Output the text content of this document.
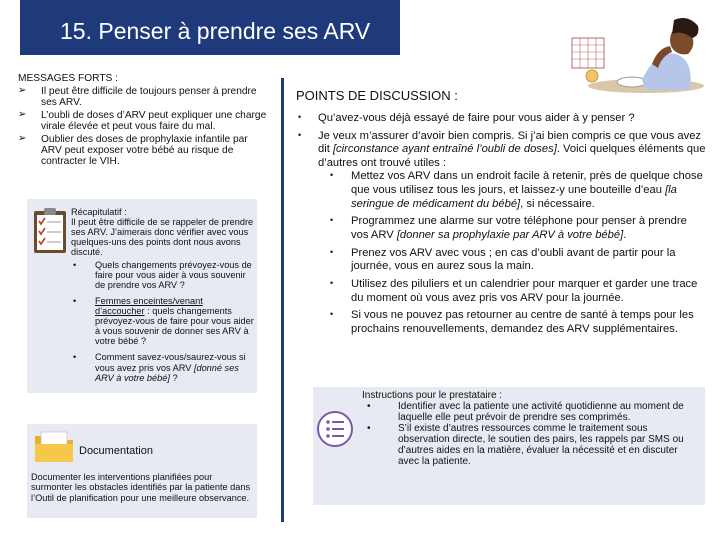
15. Penser à prendre ses ARV

MESSAGES FORTS :

➢ Il peut être difficile de toujours penser à prendre ses ARV.
➢ L’oubli de doses d’ARV peut expliquer une charge virale élevée et peut vous faire du mal.
➢ Oublier des doses de prophylaxie infantile par ARV peut exposer votre bébé au risque de contracter le VIH.

Récapitulatif :

Il peut être difficile de se rappeler de prendre ses ARV. J’aimerais donc vérifier avec vous quelques-uns des points dont nous avons discuté.

• Quels changements prévoyez-vous de faire pour vous aider à vous souvenir de prendre vos ARV ?
• Femmes enceintes/venant d’accoucher : quels changements prévoyez-vous de faire pour vous aider à vous souvenir de donner ses ARV à votre bébé ?
• Comment savez-vous/saurez-vous si vous avez pris vos ARV [donné ses ARV à votre bébé] ?
Documentation

Documenter les interventions planifiées pour surmonter les obstacles identifiés par la patiente dans l’Outil de planification pour une meilleure observance.

POINTS DE DISCUSSION :

• Qu’avez-vous déjà essayé de faire pour vous aider à y penser ?
• Je veux m’assurer d’avoir bien compris. Si j’ai bien compris ce que vous avez dit [circonstance ayant entraîné l’oubli de doses]. Voici quelques éléments que d’autres ont trouvé utiles :
• Mettez vos ARV dans un endroit facile à retenir, près de quelque chose que vous utilisez tous les jours, et laissez-y une bouteille d’eau [la seringue de médicament du bébé], si nécessaire.
• Programmez une alarme sur votre téléphone pour penser à prendre vos ARV [donner sa prophylaxie par ARV à votre bébé].
• Prenez vos ARV avec vous ; en cas d’oubli avant de partir pour la journée, vous en aurez sous la main.
• Utilisez des piluliers et un calendrier pour marquer et garder une trace du moment où vous avez pris vos ARV pour la journée.
• Si vous ne pouvez pas retourner au centre de santé à temps pour les prochains renouvellements, demandez des ARV supplémentaires.

Instructions pour le prestataire :

• Identifier avec la patiente une activité quotidienne au moment de laquelle elle peut prévoir de prendre ses comprimés.
• S’il existe d’autres ressources comme le traitement sous observation directe, le soutien des pairs, les rappels par SMS ou d’autres aides en la matière, évaluer la nécessité et en discuter avec la patiente.
